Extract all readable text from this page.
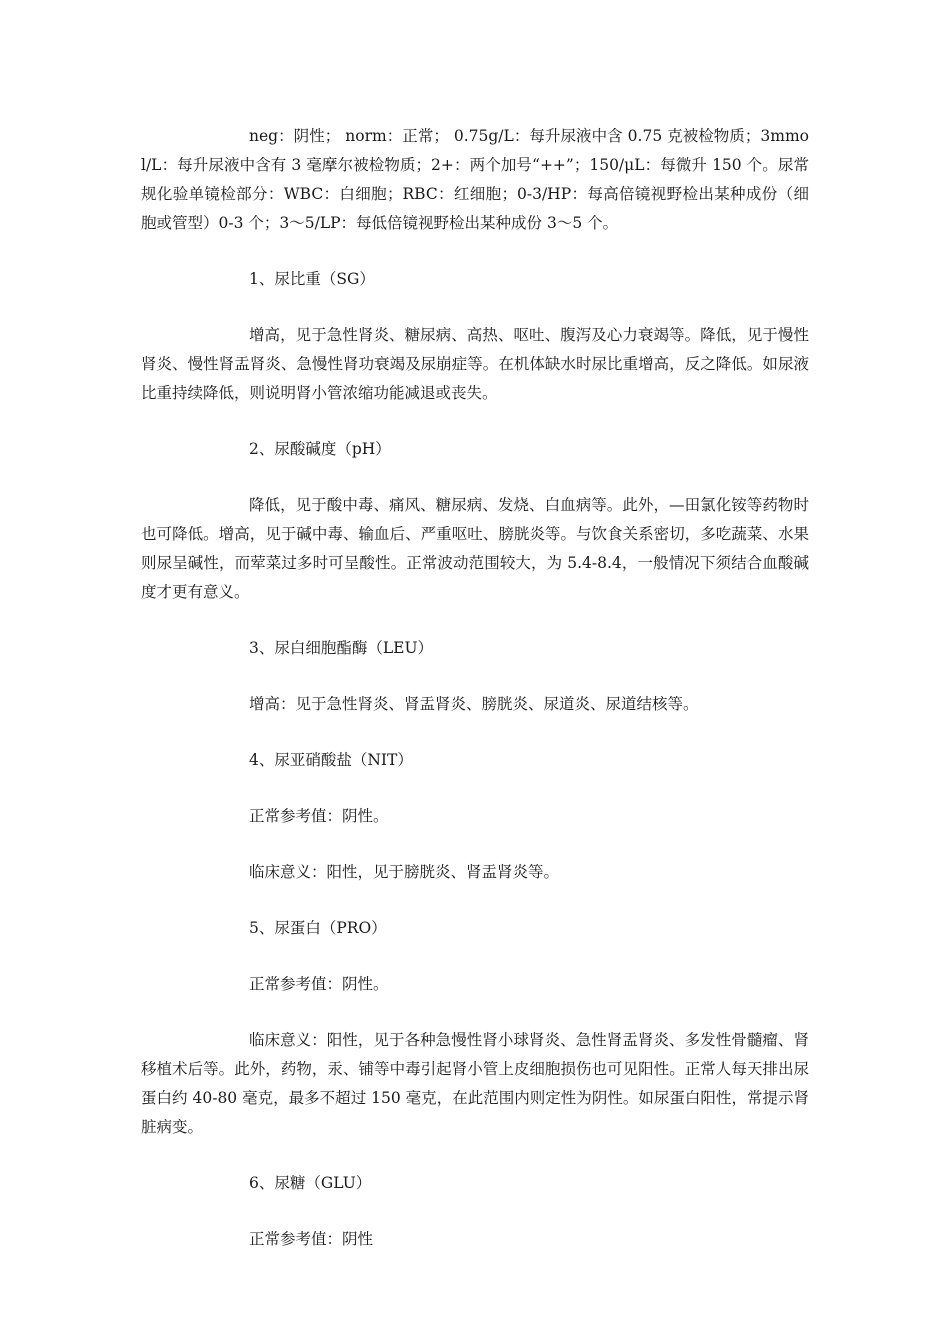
neg：阴性； norm：正常； 0.75g/L：每升尿液中含 0.75 克被检物质；3mmol/L：每升尿液中含有 3 毫摩尔被检物质；2+：两个加号“++”；150/μL：每微升 150 个。尿常规化验单镜检部分：WBC：白细胞；RBC：红细胞；0-3/HP：每高倍镜视野检出某种成份（细胞或管型）0-3 个；3～5/LP：每低倍镜视野检出某种成份 3～5 个。

1、尿比重（SG）

增高，见于急性肾炎、糖尿病、高热、呕吐、腹泻及心力衰竭等。降低，见于慢性肾炎、慢性肾盂肾炎、急慢性肾功衰竭及尿崩症等。在机体缺水时尿比重增高，反之降低。如尿液比重持续降低，则说明肾小管浓缩功能减退或丧失。

2、尿酸碱度（pH）

降低，见于酸中毒、痛风、糖尿病、发烧、白血病等。此外，—田氯化铵等药物时也可降低。增高，见于碱中毒、输血后、严重呕吐、膀胱炎等。与饮食关系密切，多吃蔬菜、水果则尿呈碱性，而荤菜过多时可呈酸性。正常波动范围较大，为 5.4-8.4，一般情况下须结合血酸碱度才更有意义。

3、尿白细胞酯酶（LEU）

增高：见于急性肾炎、肾盂肾炎、膀胱炎、尿道炎、尿道结核等。

4、尿亚硝酸盐（NIT）

正常参考值：阴性。

临床意义：阳性，见于膀胱炎、肾盂肾炎等。

5、尿蛋白（PRO）

正常参考值：阴性。

临床意义：阳性，见于各种急慢性肾小球肾炎、急性肾盂肾炎、多发性骨髓瘤、肾移植术后等。此外，药物，汞、铺等中毒引起肾小管上皮细胞损伤也可见阳性。正常人每天排出尿蛋白约 40-80 毫克，最多不超过 150 毫克，在此范围内则定性为阴性。如尿蛋白阳性，常提示肾脏病变。

6、尿糖（GLU）

正常参考值：阴性
